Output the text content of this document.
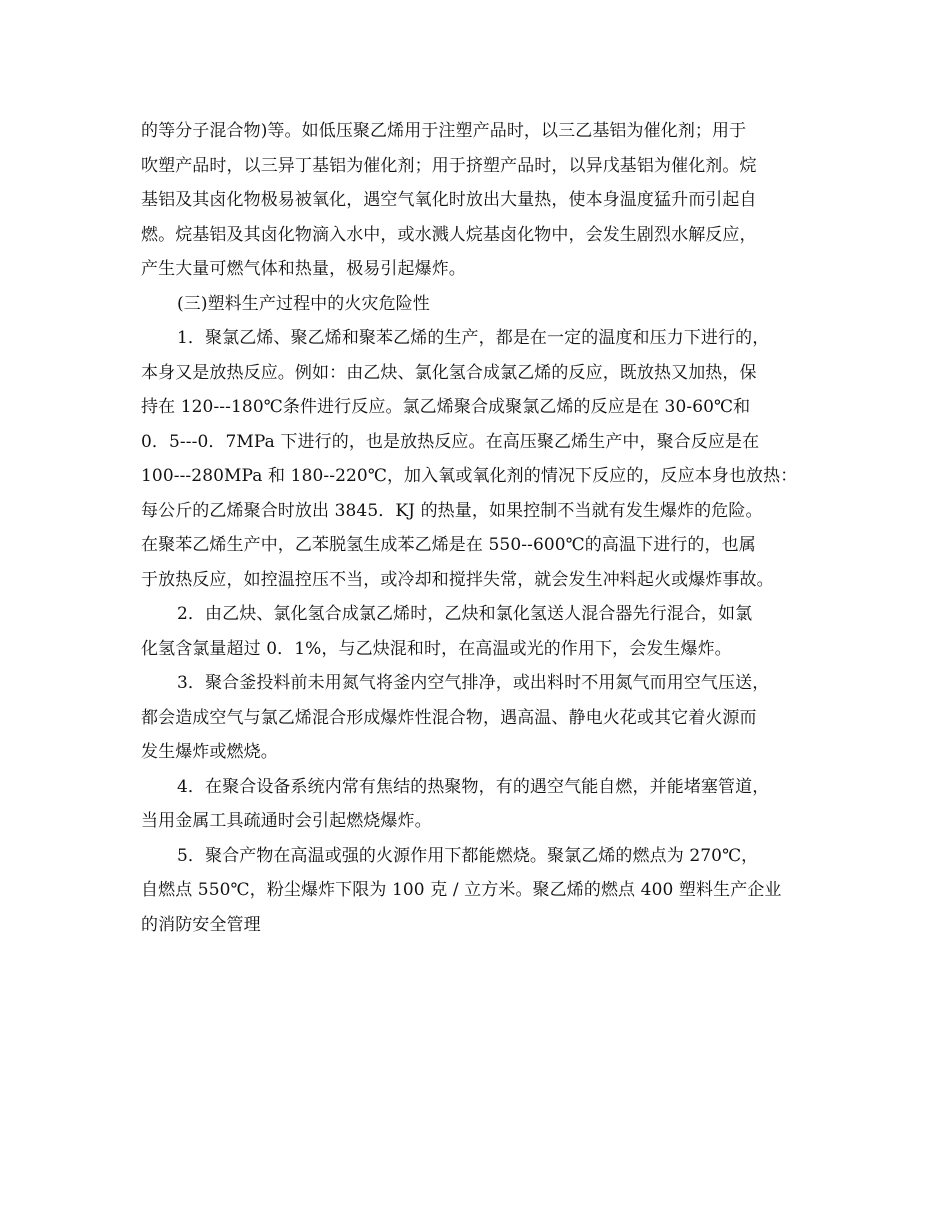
的等分子混合物)等。如低压聚乙烯用于注塑产品时，以三乙基铝为催化剂；用于
吹塑产品时，以三异丁基铝为催化剂；用于挤塑产品时，以异戊基铝为催化剂。烷
基铝及其卤化物极易被氧化，遇空气氧化时放出大量热，使本身温度猛升而引起自
燃。烷基铝及其卤化物滴入水中，或水溅人烷基卤化物中，会发生剧烈水解反应，
产生大量可燃气体和热量，极易引起爆炸。
(三)塑料生产过程中的火灾危险性
1．聚氯乙烯、聚乙烯和聚苯乙烯的生产，都是在一定的温度和压力下进行的，
本身又是放热反应。例如：由乙炔、氯化氢合成氯乙烯的反应，既放热又加热，保
持在 120---180℃条件进行反应。氯乙烯聚合成聚氯乙烯的反应是在 30-60℃和
0．5---0．7MPa 下进行的，也是放热反应。在高压聚乙烯生产中，聚合反应是在
100---280MPa 和 180--220℃，加入氧或氧化剂的情况下反应的，反应本身也放热：
每公斤的乙烯聚合时放出 3845．KJ 的热量，如果控制不当就有发生爆炸的危险。
在聚苯乙烯生产中，乙苯脱氢生成苯乙烯是在 550--600℃的高温下进行的，也属
于放热反应，如控温控压不当，或冷却和搅拌失常，就会发生冲料起火或爆炸事故。
2．由乙炔、氯化氢合成氯乙烯时，乙炔和氯化氢送人混合器先行混合，如氯
化氢含氯量超过 0．1%，与乙炔混和时，在高温或光的作用下，会发生爆炸。
3．聚合釜投料前未用氮气将釜内空气排净，或出料时不用氮气而用空气压送，
都会造成空气与氯乙烯混合形成爆炸性混合物，遇高温、静电火花或其它着火源而
发生爆炸或燃烧。
4．在聚合设备系统内常有焦结的热聚物，有的遇空气能自燃，并能堵塞管道，
当用金属工具疏通时会引起燃烧爆炸。
5．聚合产物在高温或强的火源作用下都能燃烧。聚氯乙烯的燃点为 270℃，
自燃点 550℃，粉尘爆炸下限为 100 克 / 立方米。聚乙烯的燃点 400 塑料生产企业
的消防安全管理
